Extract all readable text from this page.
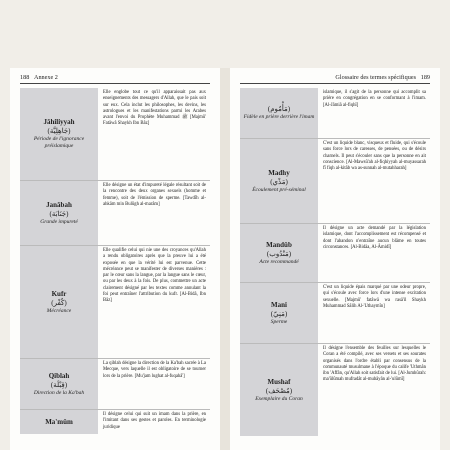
188 Annexe 2
Jâhiliyyah
(جَاهِلِيَّة)
Période de l'ignorance préislamique
Elle englobe tout ce qu'il apparaissait pas aux enseignements des messagers d'Allah, que le pais soit sur eux. Cela inclut les philosophes, les devins, les astrologues et les manifestations parmi les Arabes avant l'envoi du Prophète Muhammad ﷺ [Majmû' Fatâwâ Shaykh Ibn Bâz]
Janâbah
(جَنَابَة)
Grande impureté
Elle désigne un état d'impureté légale résultant soit de la rencontre des deux organes sexuels (homme et femme), soit de l'émission de sperme. [Tawdîh al-ahkâm min Bulûgh al-marâm]
Kufr
(كُفْر)
Mécréance
Elle qualifie celui qui nie une des croyances qu'Allah a rendu obligatoires après que la preuve lui a été exposée en que la vérité lui est parvenue. Cette mécréance peut se manifester de diverses manières : par le cœur sans la langue, par la langue sans le cœur, ou par les deux à la fois. De plus, commettre un acte clairement désigné par les textes comme annulant la foi peut entraîner l'attribution du kufr. [Al-Bidâ, Ibn Bâz]
Qiblah
(قِبْلَة)
Direction de la Ka'bah
La qiblah désigne la direction de la Ka'bah sacrée à La Mecque, vers laquelle il est obligatoire de se tourner lors de la prière. [Mu'jam lughat al-fuqahâ']
Ma'mûm
Il désigne celui qui suit un imam dans la prière, en l'imitant dans ses gestes et paroles. En terminologie juridique
Glossaire des termes spécifiques 189
(مَأْمُوم)
Fidèle en prière derrière l'imam
islamique, il s'agit de la personne qui accomplit sa prière en congrégation en se conformant à l'imam. [Al-Jâmiâ al-fiqhî]
Madhy
(مَذْي)
Écoulement pré-séminal
C'est un liquide blanc, visqueux et fluide, qui s'écoule sans force lors de caresses, de pensées, ou de désirs charnels. Il peut s'écouler sans que la personne en ait conscience. [Al-Mawsû'ah al-fiqhiyyah al-muyassarah fî fiqh al-kitâb wa as-sunnah al-mutahharah]
Mandûb
(مَنْدُوب)
Acte recommandé
Il désigne un acte demandé par la législation islamique, dont l'accomplissement est récompensé et dont l'abandon n'entraîne aucun blâme en toutes circonstances. [Al-Bidâa, Al-Âmidî]
Mani
(مَنِيّ)
Sperme
C'est un liquide épais marqué par une odeur propre, qui s'écoule avec force lors d'une intense excitation sexuelle. [Majmû' fatâwâ wa rasâ'il Shaykh Muhammad Sâlih Al-'Uthaymîn]
Mushaf
(مُصْحَف)
Exemplaire du Coran
Il désigne l'ensemble des feuilles sur lesquelles le Coran a été compilé, avec ses versets et ses sourates organisés dans l'ordre établi par consensus de la communauté musulmane à l'époque du calife 'Uthmân ibn 'Affân, qu'Allah soit satisfait de lui. [Al-Jumhûrah: ma'ûlûmah mufradât al-mubâyân al-'ulûmî]
